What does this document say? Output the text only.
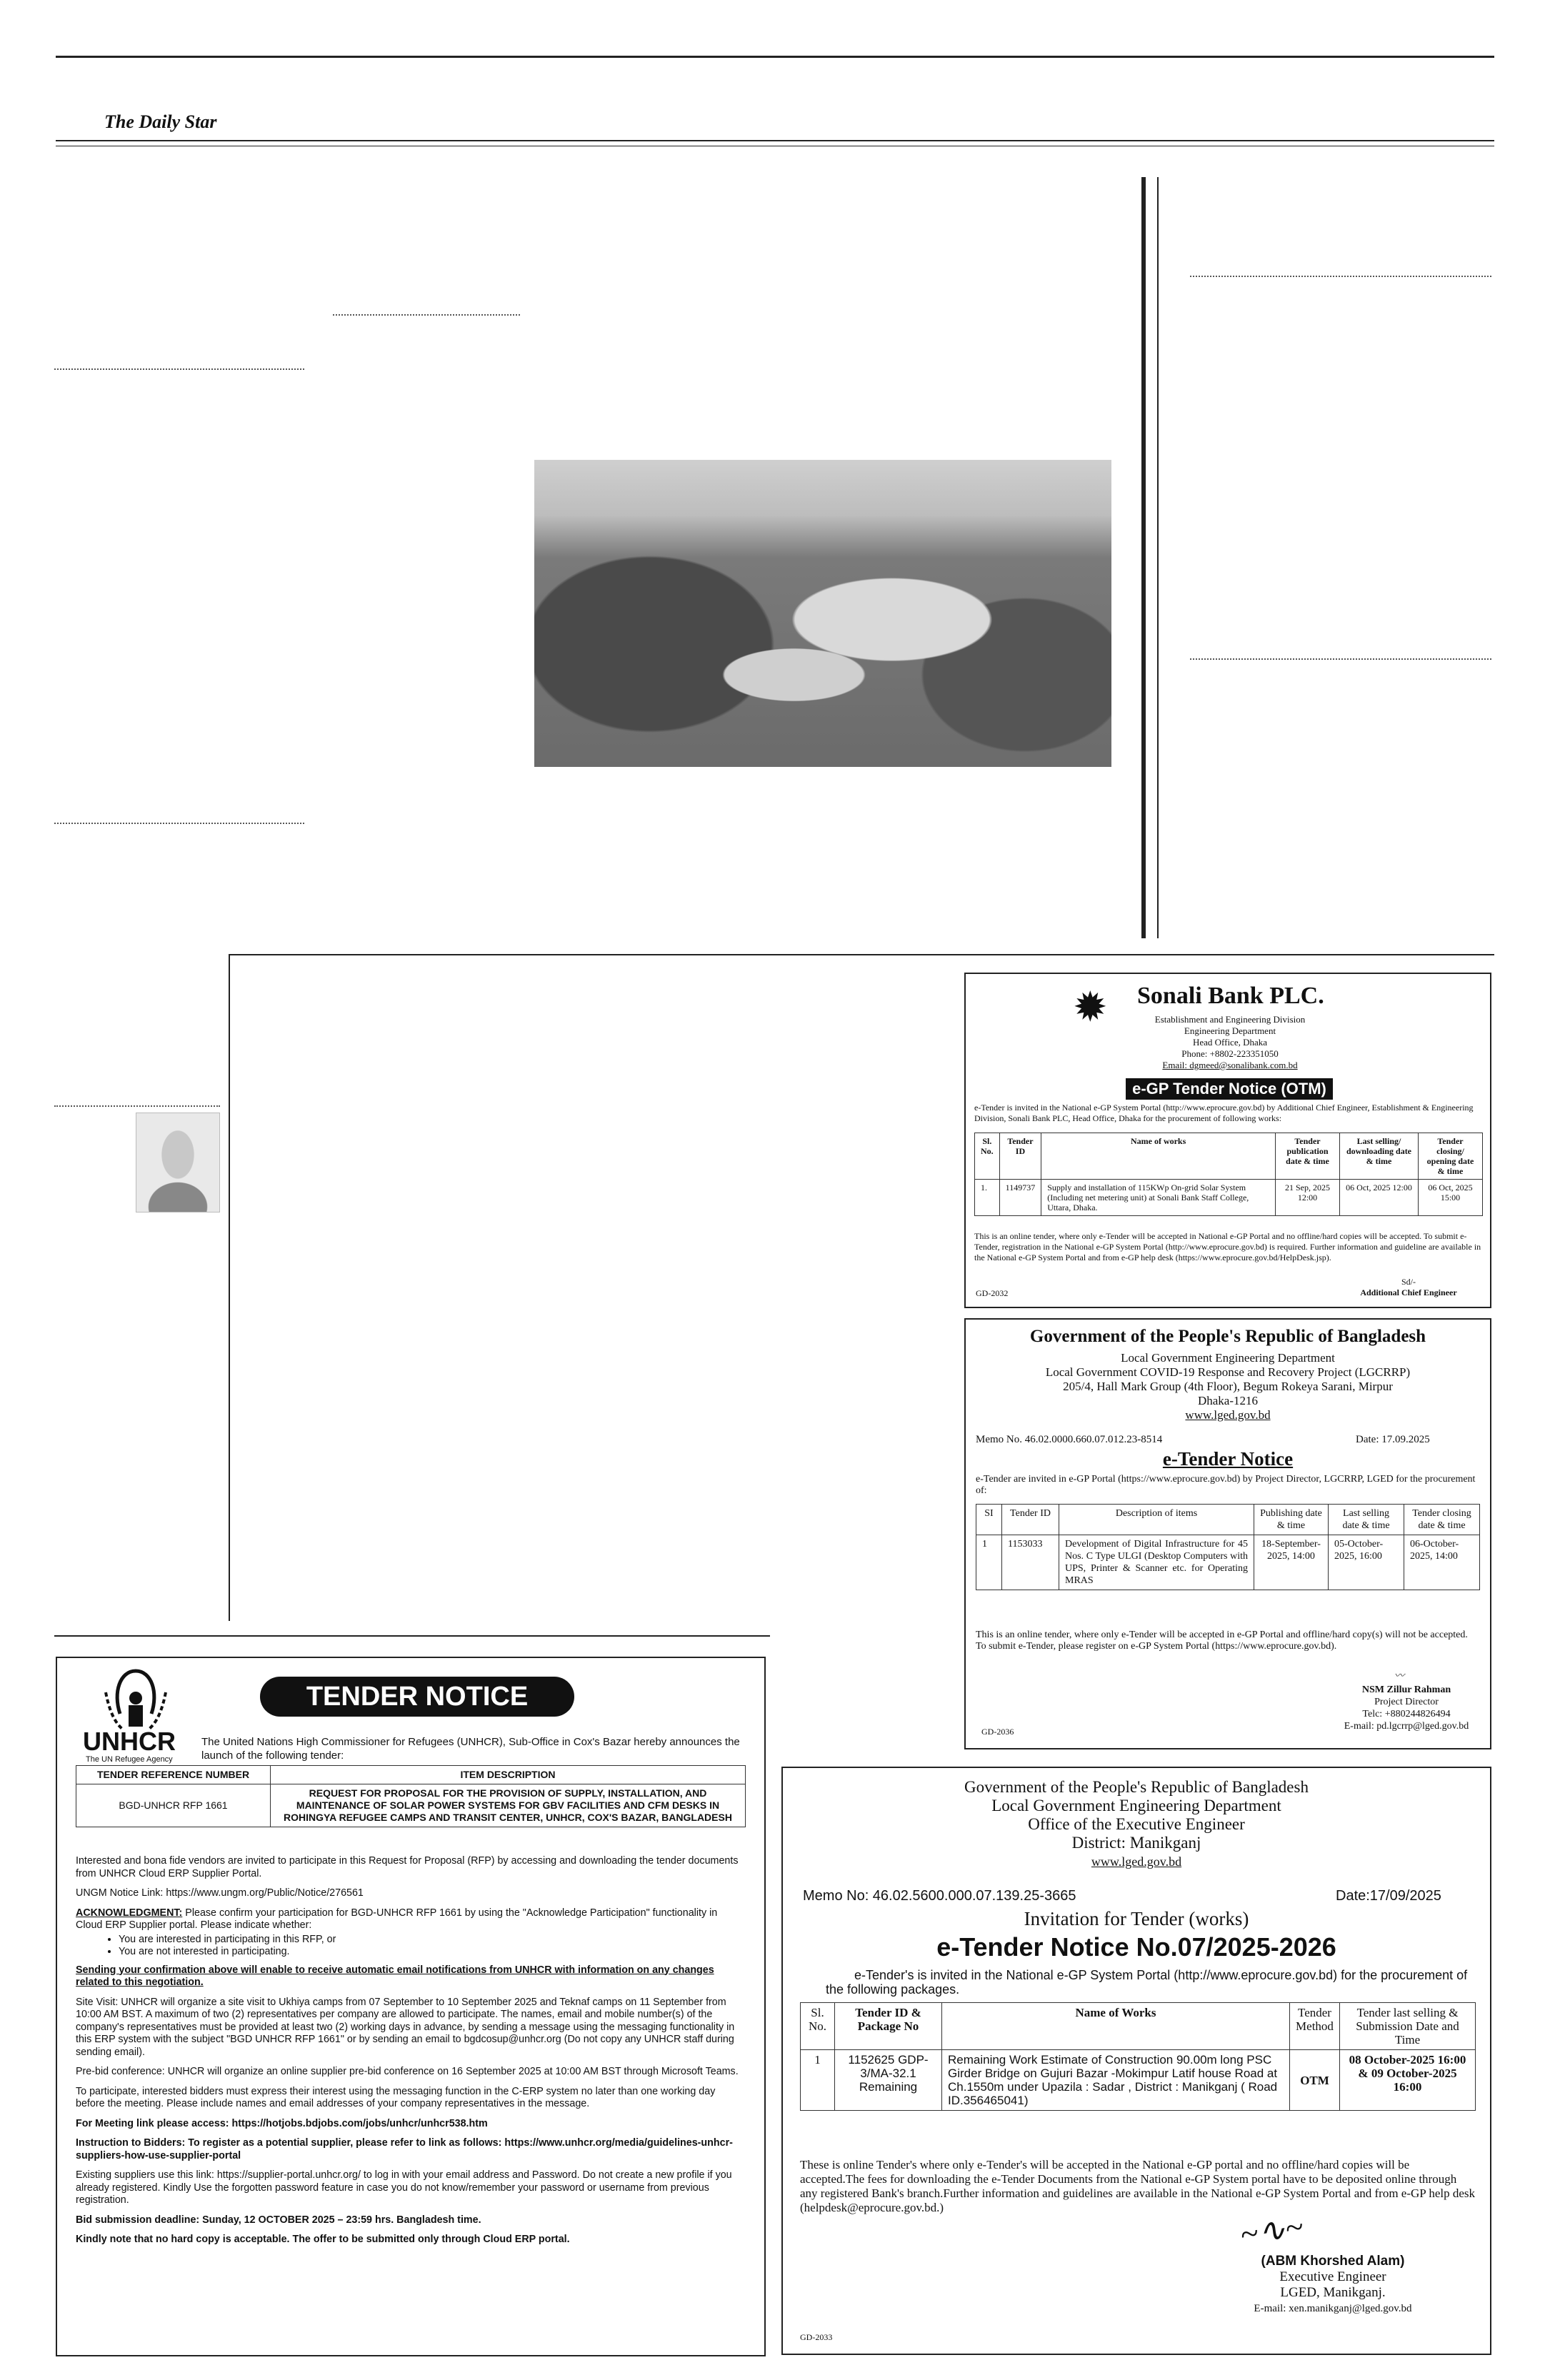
The Daily Star
✹ Sonali Bank PLC.
Establishment and Engineering Division
Engineering Department
Head Office, Dhaka
Phone: +8802-223351050
Email: dgmeed@sonalibank.com.bd
e-GP Tender Notice (OTM)
e-Tender is invited in the National e-GP System Portal (http://www.eprocure.gov.bd) by Additional Chief Engineer, Establishment & Engineering Division, Sonali Bank PLC, Head Office, Dhaka for the procurement of following works:
Sl. No.	Tender ID	Name of works	Tender publication date & time	Last selling/ downloading date & time	Tender closing/ opening date & time
1.	1149737	Supply and installation of 115KWp On-grid Solar System (Including net metering unit) at Sonali Bank Staff College, Uttara, Dhaka.	21 Sep, 2025 12:00	06 Oct, 2025 12:00	06 Oct, 2025 15:00
This is an online tender, where only e-Tender will be accepted in National e-GP Portal and no offline/hard copies will be accepted. To submit e-Tender, registration in the National e-GP System Portal (http://www.eprocure.gov.bd) is required. Further information and guideline are available in the National e-GP System Portal and from e-GP help desk (https://www.eprocure.gov.bd/HelpDesk.jsp).
GD-2032
Sd/-
Additional Chief Engineer
Government of the People's Republic of Bangladesh
Local Government Engineering Department
Local Government COVID-19 Response and Recovery Project (LGCRRP)
205/4, Hall Mark Group (4th Floor), Begum Rokeya Sarani, Mirpur
Dhaka-1216
www.lged.gov.bd
Memo No. 46.02.0000.660.07.012.23-8514	Date: 17.09.2025
e-Tender Notice
e-Tender are invited in e-GP Portal (https://www.eprocure.gov.bd) by Project Director, LGCRRP, LGED for the procurement of:
SI	Tender ID	Description of items	Publishing date & time	Last selling date & time	Tender closing date & time
1	1153033	Development of Digital Infrastructure for 45 Nos. C Type ULGI (Desktop Computers with UPS, Printer & Scanner etc. for Operating MRAS	18-September-2025, 14:00	05-October-2025, 16:00	06-October-2025, 14:00
This is an online tender, where only e-Tender will be accepted in e-GP Portal and offline/hard copy(s) will not be accepted. To submit e-Tender, please register on e-GP System Portal (https://www.eprocure.gov.bd).
〰
NSM Zillur Rahman
Project Director
Telc: +880244826494
E-mail: pd.lgcrrp@lged.gov.bd
GD-2036
Government of the People's Republic of Bangladesh
Local Government Engineering Department
Office of the Executive Engineer
District: Manikganj
www.lged.gov.bd
Memo No: 46.02.5600.000.07.139.25-3665	Date:17/09/2025
Invitation for Tender (works)
e-Tender Notice No.07/2025-2026
e-Tender's is invited in the National e-GP System Portal (http://www.eprocure.gov.bd) for the procurement of the following packages.
Sl. No.	Tender ID & Package No	Name of Works	Tender Method	Tender last selling & Submission Date and Time
1	1152625 GDP-3/MA-32.1 Remaining	Remaining Work Estimate of Construction 90.00m long PSC Girder Bridge on Gujuri Bazar -Mokimpur Latif house Road at Ch.1550m under Upazila : Sadar , District : Manikganj ( Road ID.356465041)	OTM	08 October-2025 16:00 & 09 October-2025 16:00
These is online Tender's where only e-Tender's will be accepted in the National e-GP portal and no offline/hard copies will be accepted.The fees for downloading the e-Tender Documents from the National e-GP System portal have to be deposited online through any registered Bank's branch.Further information and guidelines are available in the National e-GP System Portal and from e-GP help desk (helpdesk@eprocure.gov.bd.)
~∿~
(ABM Khorshed Alam)
Executive Engineer
LGED, Manikganj.
E-mail: xen.manikganj@lged.gov.bd
GD-2033
UNHCR
The UN Refugee Agency
TENDER NOTICE
The United Nations High Commissioner for Refugees (UNHCR), Sub-Office in Cox's Bazar hereby announces the launch of the following tender:
TENDER REFERENCE NUMBER	ITEM DESCRIPTION
BGD-UNHCR RFP 1661	REQUEST FOR PROPOSAL FOR THE PROVISION OF SUPPLY, INSTALLATION, AND MAINTENANCE OF SOLAR POWER SYSTEMS FOR GBV FACILITIES AND CFM DESKS IN ROHINGYA REFUGEE CAMPS AND TRANSIT CENTER, UNHCR, COX'S BAZAR, BANGLADESH

Interested and bona fide vendors are invited to participate in this Request for Proposal (RFP) by accessing and downloading the tender documents from UNHCR Cloud ERP Supplier Portal.

UNGM Notice Link: https://www.ungm.org/Public/Notice/276561

ACKNOWLEDGMENT: Please confirm your participation for BGD-UNHCR RFP 1661 by using the "Acknowledge Participation" functionality in Cloud ERP Supplier portal. Please indicate whether:

• You are interested in participating in this RFP, or
• You are not interested in participating.

Sending your confirmation above will enable to receive automatic email notifications from UNHCR with information on any changes related to this negotiation.

Site Visit: UNHCR will organize a site visit to Ukhiya camps from 07 September to 10 September 2025 and Teknaf camps on 11 September from 10:00 AM BST. A maximum of two (2) representatives per company are allowed to participate. The names, email and mobile number(s) of the company's representatives must be provided at least two (2) working days in advance, by sending a message using the messaging functionality in this ERP system with the subject "BGD UNHCR RFP 1661" or by sending an email to bgdcosup@unhcr.org (Do not copy any UNHCR staff during sending email).

Pre-bid conference: UNHCR will organize an online supplier pre-bid conference on 16 September 2025 at 10:00 AM BST through Microsoft Teams.

To participate, interested bidders must express their interest using the messaging function in the C-ERP system no later than one working day before the meeting. Please include names and email addresses of your company representatives in the message.

For Meeting link please access: https://hotjobs.bdjobs.com/jobs/unhcr/unhcr538.htm

Instruction to Bidders: To register as a potential supplier, please refer to link as follows: https://www.unhcr.org/media/guidelines-unhcr-suppliers-how-use-supplier-portal

Existing suppliers use this link: https://supplier-portal.unhcr.org/ to log in with your email address and Password. Do not create a new profile if you already registered. Kindly Use the forgotten password feature in case you do not know/remember your password or username from previous registration.

Bid submission deadline: Sunday, 12 OCTOBER 2025 – 23:59 hrs. Bangladesh time.

Kindly note that no hard copy is acceptable. The offer to be submitted only through Cloud ERP portal.
